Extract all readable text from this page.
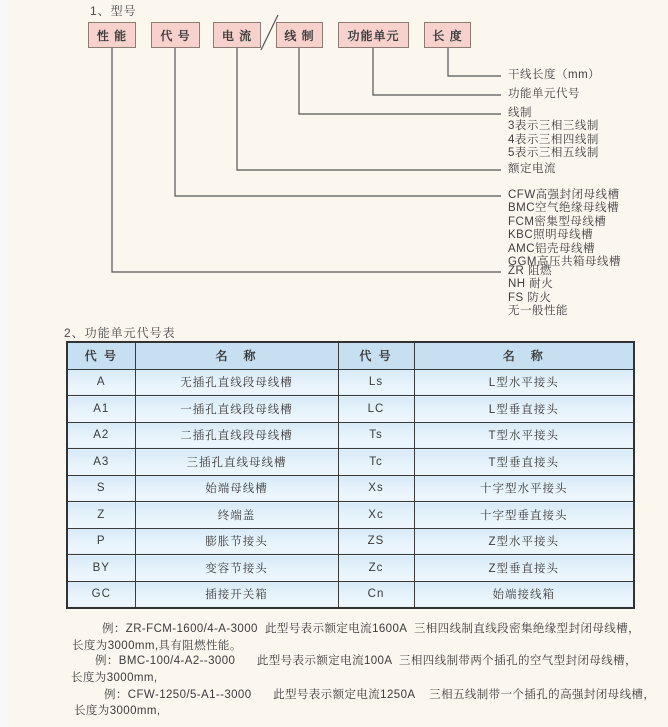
1、型号
性 能	代 号	电 流	线 制	功能单元	长 度
干线长度（mm）
功能单元代号
线制
3表示三相三线制
4表示三相四线制
5表示三相五线制
额定电流
CFW高强封闭母线槽
BMC空气绝缘母线槽
FCM密集型母线槽
KBC照明母线槽
AMC铝壳母线槽
GGM高压共箱母线槽
ZR 阻燃
NH 耐火
FS 防火
无一般性能
2、功能单元代号表
代 号	名　称	代 号	名　称
A	无插孔直线段母线槽	Ls	L型水平接头
A1	一插孔直线段母线槽	LC	L型垂直接头
A2	二插孔直线段母线槽	Ts	T型水平接头
A3	三插孔直线母线槽	Tc	T型垂直接头
S	始端母线槽	Xs	十字型水平接头
Z	终端盖	Xc	十字型垂直接头
P	膨胀节接头	ZS	Z型水平接头
BY	变容节接头	Zc	Z型垂直接头
GC	插接开关箱	Cn	始端接线箱
例：ZR-FCM-1600/4-A-3000  此型号表示额定电流1600A  三相四线制直线段密集绝缘型封闭母线槽，
长度为3000mm,具有阻燃性能。
例：BMC-100/4-A2--3000      此型号表示额定电流100A  三相四线制带两个插孔的空气型封闭母线槽，
长度为3000mm,
例：CFW-1250/5-A1--3000      此型号表示额定电流1250A    三相五线制带一个插孔的高强封闭母线槽，
长度为3000mm,
